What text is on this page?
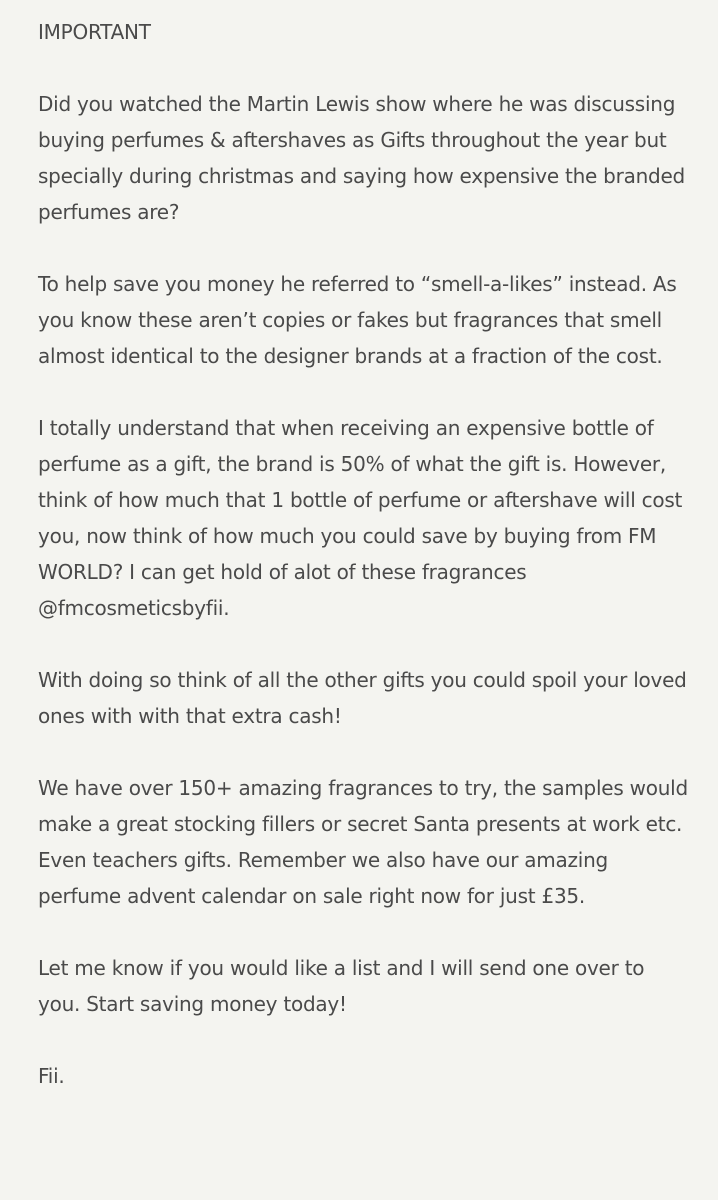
IMPORTANT

Did you watched the Martin Lewis show where he was discussing buying perfumes & aftershaves as Gifts throughout the year but specially during christmas and saying how expensive the branded perfumes are?

To help save you money he referred to “smell-a-likes” instead. As you know these aren’t copies or fakes but fragrances that smell almost identical to the designer brands at a fraction of the cost.

I totally understand that when receiving an expensive bottle of perfume as a gift, the brand is 50% of what the gift is. However, think of how much that 1 bottle of perfume or aftershave will cost you, now think of how much you could save by buying from FM WORLD? I can get hold of alot of these fragrances @fmcosmeticsbyfii.

With doing so think of all the other gifts you could spoil your loved ones with with that extra cash!

We have over 150+ amazing fragrances to try, the samples would make a great stocking fillers or secret Santa presents at work etc. Even teachers gifts. Remember we also have our amazing perfume advent calendar on sale right now for just £35.

Let me know if you would like a list and I will send one over to you. Start saving money today!

Fii.
